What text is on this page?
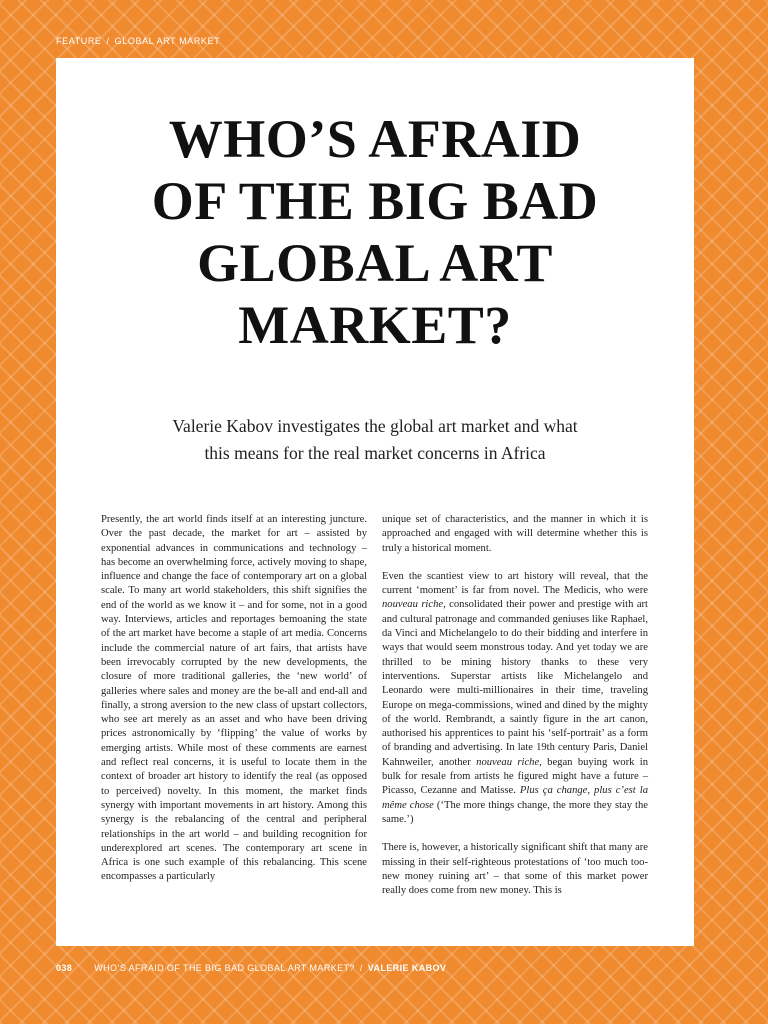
FEATURE / GLOBAL ART MARKET
WHO’S AFRAID
OF THE BIG BAD
GLOBAL ART
MARKET?
Valerie Kabov investigates the global art market and what
this means for the real market concerns in Africa

Presently, the art world finds itself at an interesting juncture. Over the past decade, the market for art – assisted by exponential advances in communications and technology – has become an overwhelming force, actively moving to shape, influence and change the face of contemporary art on a global scale. To many art world stakeholders, this shift signifies the end of the world as we know it – and for some, not in a good way. Interviews, articles and reportages bemoaning the state of the art market have become a staple of art media. Concerns include the commercial nature of art fairs, that artists have been irrevocably corrupted by the new developments, the closure of more traditional galleries, the ‘new world’ of galleries where sales and money are the be-all and end-all and finally, a strong aversion to the new class of upstart collectors, who see art merely as an asset and who have been driving prices astronomically by ‘flipping’ the value of works by emerging artists. While most of these comments are earnest and reflect real concerns, it is useful to locate them in the context of broader art history to identify the real (as opposed to perceived) novelty. In this moment, the market finds synergy with important movements in art history. Among this synergy is the rebalancing of the central and peripheral relationships in the art world – and building recognition for underexplored art scenes. The contemporary art scene in Africa is one such example of this rebalancing. This scene encompasses a particularly

unique set of characteristics, and the manner in which it is approached and engaged with will determine whether this is truly a historical moment.

Even the scantiest view to art history will reveal, that the current ‘moment’ is far from novel. The Medicis, who were nouveau riche, consolidated their power and prestige with art and cultural patronage and commanded geniuses like Raphael, da Vinci and Michelangelo to do their bidding and interfere in ways that would seem monstrous today. And yet today we are thrilled to be mining history thanks to these very interventions. Superstar artists like Michelangelo and Leonardo were multi-millionaires in their time, traveling Europe on mega-commissions, wined and dined by the mighty of the world. Rembrandt, a saintly figure in the art canon, authorised his apprentices to paint his ‘self-portrait’ as a form of branding and advertising. In late 19th century Paris, Daniel Kahnweiler, another nouveau riche, began buying work in bulk for resale from artists he figured might have a future – Picasso, Cezanne and Matisse. Plus ça change, plus c’est la même chose (‘The more things change, the more they stay the same.’)

There is, however, a historically significant shift that many are missing in their self-righteous protestations of ‘too much too-new money ruining art’ – that some of this market power really does come from new money. This is

038 WHO’S AFRAID OF THE BIG BAD GLOBAL ART MARKET? / VALERIE KABOV
